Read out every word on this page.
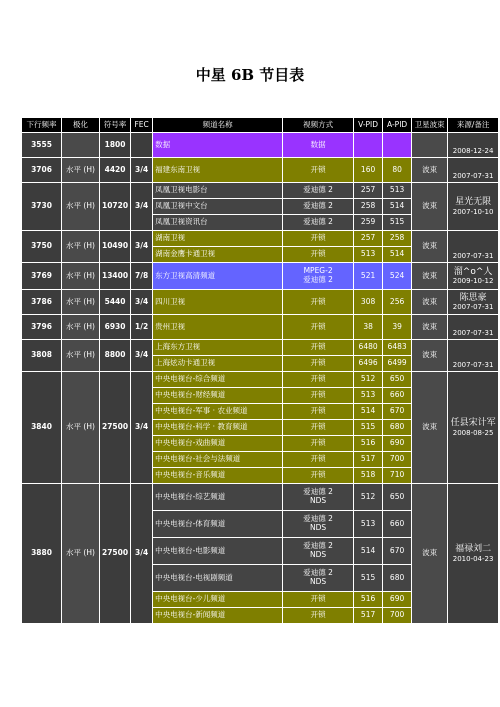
中星 6B 节目表
下行频率	极化	符号率	FEC	频道名称	视频方式	V-PID	A-PID	卫星波束	来源/备注
3555		1800		数据	数据				2008-12-24

3706	水平 (H)	4420	3/4	福建东南卫视	开锁	160	80	波束	2007-07-31

3730	水平 (H)	10720	3/4	凤凰卫视电影台	爱迪德 2	257	513	波束	星光无限
2007-10-10

				凤凰卫视中文台	爱迪德 2	258	514		
				凤凰卫视资讯台	爱迪德 2	259	515		
3750	水平 (H)	10490	3/4	湖南卫视	开锁	257	258	波束	2007-07-31

				湖南金鹰卡通卫视	开锁	513	514		
3769	水平 (H)	13400	7/8	东方卫视高清频道	MPEG-2
爱迪德 2	521	524	波束	溜^o^人
2009-10-12

3786	水平 (H)	5440	3/4	四川卫视	开锁	308	256	波束	陈思豪
2007-07-31

3796	水平 (H)	6930	1/2	贵州卫视	开锁	38	39	波束	2007-07-31

3808	水平 (H)	8800	3/4	上海东方卫视	开锁	6480	6483	波束	2007-07-31

				上海炫动卡通卫视	开锁	6496	6499		
3840	水平 (H)	27500	3/4	中央电视台-综合频道	开锁	512	650	波束	任县宋计军
2008-08-25

				中央电视台-财经频道	开锁	513	660		
				中央电视台-军事 · 农业频道	开锁	514	670		
				中央电视台-科学 · 教育频道	开锁	515	680		
				中央电视台-戏曲频道	开锁	516	690		
				中央电视台-社会与法频道	开锁	517	700		
				中央电视台-音乐频道	开锁	518	710		
3880	水平 (H)	27500	3/4	中央电视台-综艺频道	爱迪德 2
NDS	512	650	波束	福禄刘二
2010-04-23

				中央电视台-体育频道	爱迪德 2
NDS	513	660		
				中央电视台-电影频道	爱迪德 2
NDS	514	670		
				中央电视台-电视剧频道	爱迪德 2
NDS	515	680		
				中央电视台-少儿频道	开锁	516	690		
				中央电视台-新闻频道	开锁	517	700		
